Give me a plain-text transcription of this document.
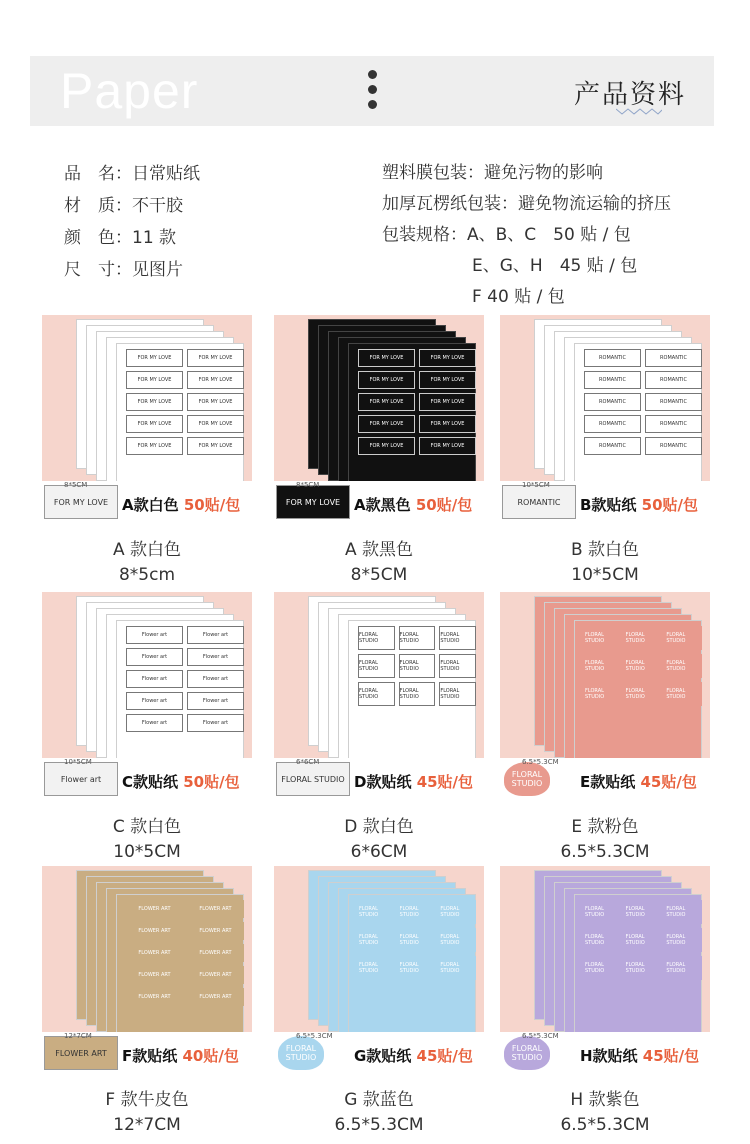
Paper	产品资料
品　名：日常贴纸
材　质：不干胶
颜　色：11 款
尺　寸：见图片
塑料膜包装：避免污物的影响
加厚瓦楞纸包装：避免物流运输的挤压
包装规格：A、B、C　50 贴 / 包
E、G、H　45 贴 / 包
F 40 贴 / 包
FOR MY LOVE	FOR MY LOVE
FOR MY LOVE	FOR MY LOVE
FOR MY LOVE	FOR MY LOVE
FOR MY LOVE	FOR MY LOVE
FOR MY LOVE	FOR MY LOVE
FOR MY LOVE
8*5CM
A款白色 50贴/包
A 款白色
8*5cm
FOR MY LOVE	FOR MY LOVE
FOR MY LOVE	FOR MY LOVE
FOR MY LOVE	FOR MY LOVE
FOR MY LOVE	FOR MY LOVE
FOR MY LOVE	FOR MY LOVE
FOR MY LOVE
8*5CM
A款黑色 50贴/包
A 款黑色
8*5CM
ROMANTIC	ROMANTIC
ROMANTIC	ROMANTIC
ROMANTIC	ROMANTIC
ROMANTIC	ROMANTIC
ROMANTIC	ROMANTIC
ROMANTIC
10*5CM
B款贴纸 50贴/包
B 款白色
10*5CM
Flower art	Flower art
Flower art	Flower art
Flower art	Flower art
Flower art	Flower art
Flower art	Flower art
Flower art
10*5CM
C款贴纸 50贴/包
C 款白色
10*5CM
FLORAL STUDIO
FLORAL STUDIO
FLORAL STUDIO
FLORAL STUDIO
FLORAL STUDIO
FLORAL STUDIO
FLORAL STUDIO
FLORAL STUDIO
FLORAL STUDIO
FLORAL STUDIO
6*6CM
D款贴纸 45贴/包
D 款白色
6*6CM
FLORAL STUDIO
FLORAL STUDIO
FLORAL STUDIO
FLORAL STUDIO
FLORAL STUDIO
FLORAL STUDIO
FLORAL STUDIO
FLORAL STUDIO
FLORAL STUDIO
FLORAL STUDIO
6.5*5.3CM
E款贴纸 45贴/包
E 款粉色
6.5*5.3CM
FLOWER ART	FLOWER ART
FLOWER ART	FLOWER ART
FLOWER ART	FLOWER ART
FLOWER ART	FLOWER ART
FLOWER ART	FLOWER ART
FLOWER ART
12*7CM
F款贴纸 40贴/包
F 款牛皮色
12*7CM
FLORAL STUDIO
FLORAL STUDIO
FLORAL STUDIO
FLORAL STUDIO
FLORAL STUDIO
FLORAL STUDIO
FLORAL STUDIO
FLORAL STUDIO
FLORAL STUDIO
FLORAL STUDIO
6.5*5.3CM
G款贴纸 45贴/包
G 款蓝色
6.5*5.3CM
FLORAL STUDIO
FLORAL STUDIO
FLORAL STUDIO
FLORAL STUDIO
FLORAL STUDIO
FLORAL STUDIO
FLORAL STUDIO
FLORAL STUDIO
FLORAL STUDIO
FLORAL STUDIO
6.5*5.3CM
H款贴纸 45贴/包
H 款紫色
6.5*5.3CM
